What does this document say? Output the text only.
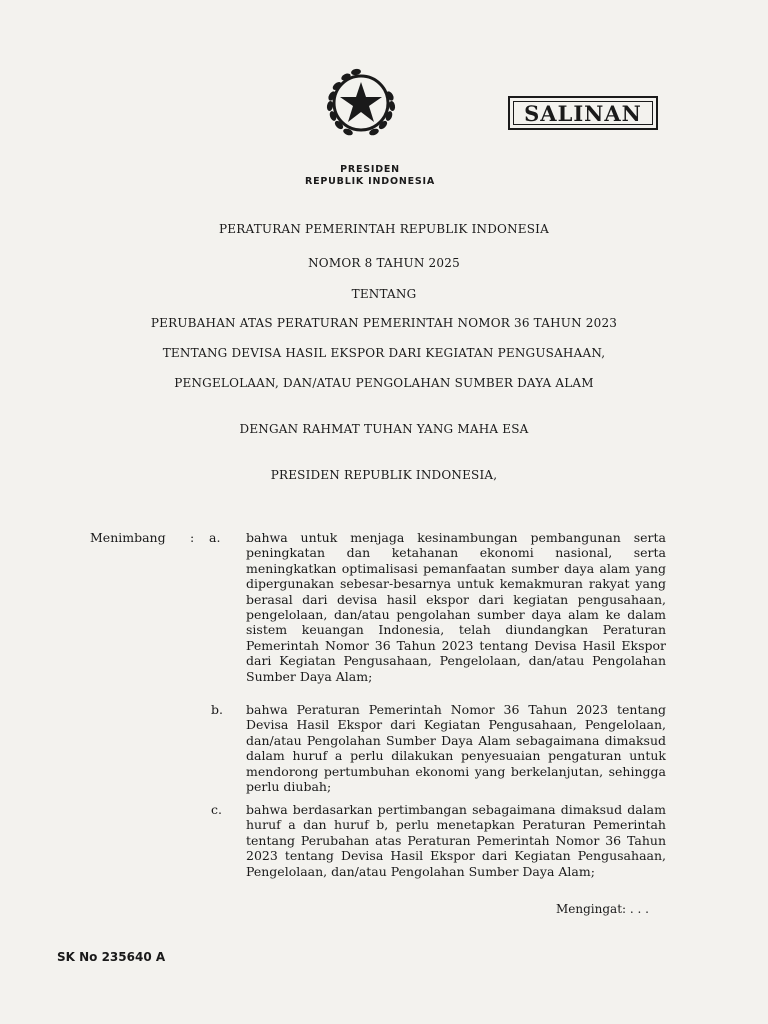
SALINAN
PRESIDEN
REPUBLIK INDONESIA
PERATURAN PEMERINTAH REPUBLIK INDONESIA
NOMOR 8 TAHUN 2025
TENTANG
PERUBAHAN ATAS PERATURAN PEMERINTAH NOMOR 36 TAHUN 2023
TENTANG DEVISA HASIL EKSPOR DARI KEGIATAN PENGUSAHAAN,
PENGELOLAAN, DAN/ATAU PENGOLAHAN SUMBER DAYA ALAM
DENGAN RAHMAT TUHAN YANG MAHA ESA
PRESIDEN REPUBLIK INDONESIA,
Menimbang : a. bahwa untuk menjaga kesinambungan pembangunan serta peningkatan dan ketahanan ekonomi nasional, serta meningkatkan optimalisasi pemanfaatan sumber daya alam yang dipergunakan sebesar-besarnya untuk kemakmuran rakyat yang berasal dari devisa hasil ekspor dari kegiatan pengusahaan, pengelolaan, dan/atau pengolahan sumber daya alam ke dalam sistem keuangan Indonesia, telah diundangkan Peraturan Pemerintah Nomor 36 Tahun 2023 tentang Devisa Hasil Ekspor dari Kegiatan Pengusahaan, Pengelolaan, dan/atau Pengolahan Sumber Daya Alam;
b. bahwa Peraturan Pemerintah Nomor 36 Tahun 2023 tentang Devisa Hasil Ekspor dari Kegiatan Pengusahaan, Pengelolaan, dan/atau Pengolahan Sumber Daya Alam sebagaimana dimaksud dalam huruf a perlu dilakukan penyesuaian pengaturan untuk mendorong pertumbuhan ekonomi yang berkelanjutan, sehingga perlu diubah;
c. bahwa berdasarkan pertimbangan sebagaimana dimaksud dalam huruf a dan huruf b, perlu menetapkan Peraturan Pemerintah tentang Perubahan atas Peraturan Pemerintah Nomor 36 Tahun 2023 tentang Devisa Hasil Ekspor dari Kegiatan Pengusahaan, Pengelolaan, dan/atau Pengolahan Sumber Daya Alam;
Mengingat: . . .
SK No 235640 A
